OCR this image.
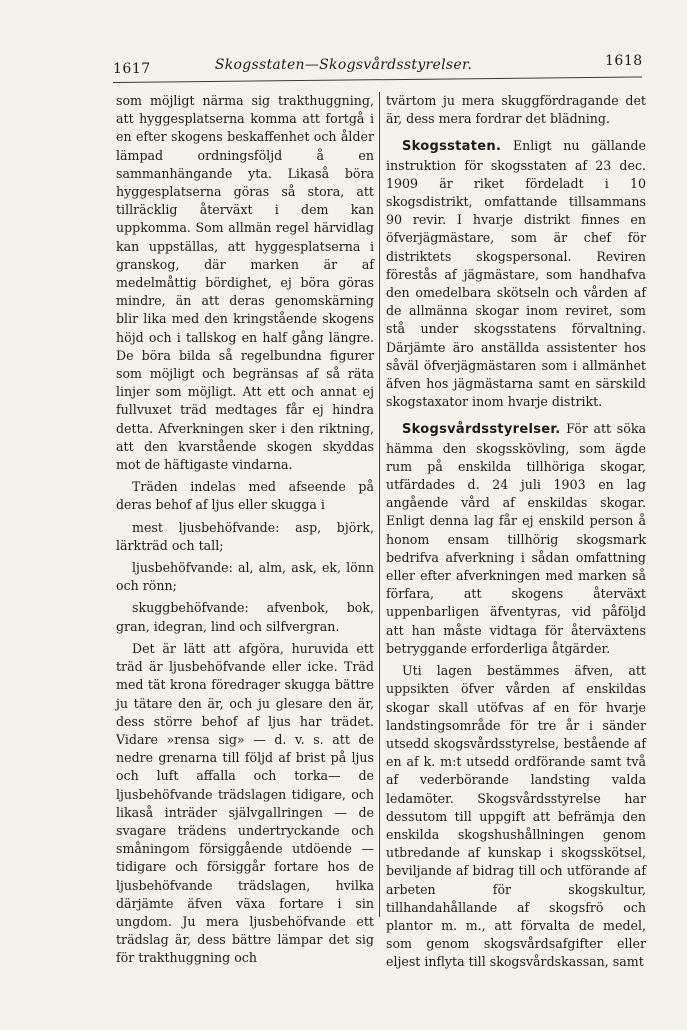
1617	Skogsstaten—Skogsvårdsstyrelser.	1618

som möjligt närma sig trakthuggning, att hyggesplatserna komma att fortgå i en efter skogens beskaffenhet och ålder lämpad ordningsföljd å en sammanhängande yta. Likaså böra hyggesplatserna göras så stora, att tillräcklig återväxt i dem kan uppkomma. Som allmän regel härvidlag kan uppställas, att hyggesplatserna i granskog, där marken är af medelmåttig bördighet, ej böra göras mindre, än att deras genomskärning blir lika med den kringstående skogens höjd och i tallskog en half gång längre. De böra bilda så regelbundna figurer som möjligt och begränsas af så räta linjer som möjligt. Att ett och annat ej fullvuxet träd medtages får ej hindra detta. Afverkningen sker i den riktning, att den kvarstående skogen skyddas mot de häftigaste vindarna.

Träden indelas med afseende på deras behof af ljus eller skugga i

mest ljusbehöfvande: asp, björk, lärkträd och tall;

ljusbehöfvande: al, alm, ask, ek, lönn och rönn;

skuggbehöfvande: afvenbok, bok, gran, idegran, lind och silfvergran.

Det är lätt att afgöra, huruvida ett träd är ljusbehöfvande eller icke. Träd med tät krona föredrager skugga bättre ju tätare den är, och ju glesare den är, dess större behof af ljus har trädet. Vidare »rensa sig» — d. v. s. att de nedre grenarna till följd af brist på ljus och luft affalla och torka— de ljusbehöfvande trädslagen tidigare, och likaså inträder självgallringen — de svagare trädens undertryckande och småningom försiggående utdöende — tidigare och försiggår fortare hos de ljusbehöfvande trädslagen, hvilka därjämte äfven växa fortare i sin ungdom. Ju mera ljusbehöfvande ett trädslag är, dess bättre lämpar det sig för trakthuggning och

tvärtom ju mera skuggfördragande det är, dess mera fordrar det blädning.

Skogsstaten. Enligt nu gällande instruktion för skogsstaten af 23 dec. 1909 är riket fördeladt i 10 skogsdistrikt, omfattande tillsammans 90 revir. I hvarje distrikt finnes en öfverjägmästare, som är chef för distriktets skogspersonal. Reviren förestås af jägmästare, som handhafva den omedelbara skötseln och vården af de allmänna skogar inom reviret, som stå under skogsstatens förvaltning. Därjämte äro anställda assistenter hos såväl öfverjägmästaren som i allmänhet äfven hos jägmästarna samt en särskild skogstaxator inom hvarje distrikt.

Skogsvårdsstyrelser. För att söka hämma den skogsskövling, som ägde rum på enskilda tillhöriga skogar, utfärdades d. 24 juli 1903 en lag angående vård af enskildas skogar. Enligt denna lag får ej enskild person å honom ensam tillhörig skogsmark bedrifva afverkning i sådan omfattning eller efter afverkningen med marken så förfara, att skogens återväxt uppenbarligen äfventyras, vid påföljd att han måste vidtaga för återväxtens betryggande erforderliga åtgärder.

Uti lagen bestämmes äfven, att uppsikten öfver vården af enskildas skogar skall utöfvas af en för hvarje landstingsområde för tre år i sänder utsedd skogsvårdsstyrelse, bestående af en af k. m:t utsedd ordförande samt två af vederbörande landsting valda ledamöter. Skogsvårdsstyrelse har dessutom till uppgift att befrämja den enskilda skogshushållningen genom utbredande af kunskap i skogsskötsel, beviljande af bidrag till och utförande af arbeten för skogskultur, tillhandahållande af skogsfrö och plantor m. m., att förvalta de medel, som genom skogsvårdsafgifter eller eljest inflyta till skogsvårdskassan, samt
